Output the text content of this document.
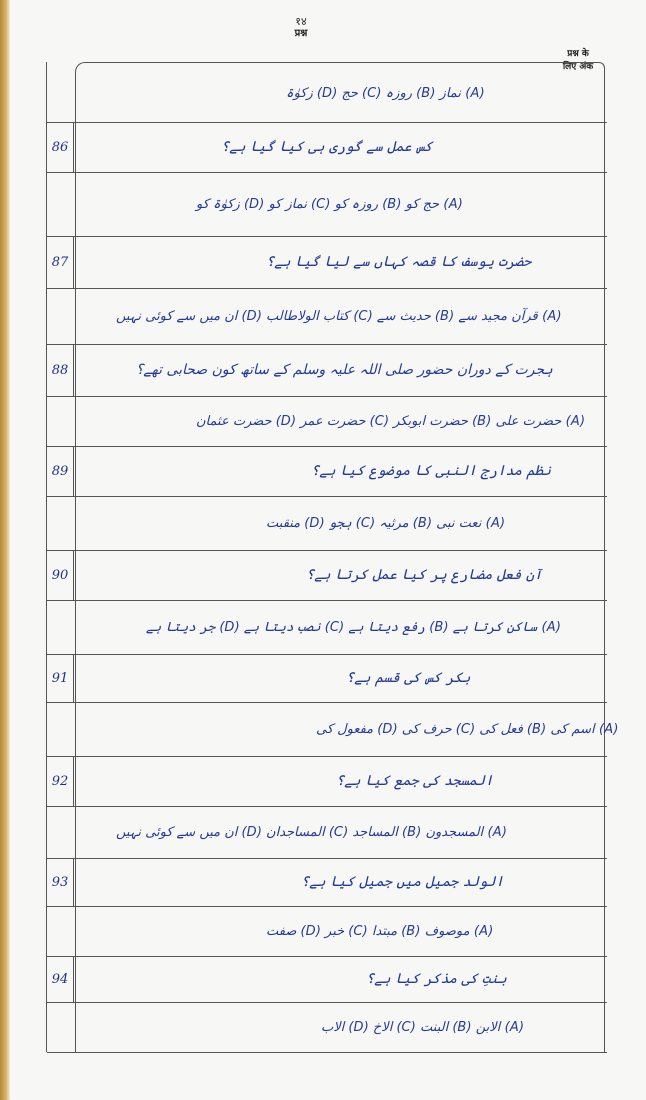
१४
प्रश्न
प्रश्न के
लिए अंक
(A) نماز (B) روزہ (C) حج (D) زکوٰۃ
86	کس عمل سے گوری ہی کیا گیا ہے؟
(A) حج کو (B) روزہ کو (C) نماز کو (D) زکوٰۃ کو
87	حضرت یوسف کا قصہ کہاں سے لیا گیا ہے؟
(A) قرآن مجید سے (B) حدیث سے (C) کتاب الولاطالب (D) ان میں سے کوئی نہیں
88	ہجرت کے دوران حضور صلی اللہ علیہ وسلم کے ساتھ کون صحابی تھے؟
(A) حضرت علی (B) حضرت ابوبکر (C) حضرت عمر (D) حضرت عثمان
89	نظم مدارج النبی کا موضوع کیا ہے؟
(A) نعت نبی (B) مرثیہ (C) ہجو (D) منقبت
90	آن فعل مضارع پر کیا عمل کرتا ہے؟
(A) ساکن کرتا ہے (B) رفع دیتا ہے (C) نصب دیتا ہے (D) جر دیتا ہے
91	بکر کس کی قسم ہے؟
(A) اسم کی (B) فعل کی (C) حرف کی (D) مفعول کی
92	المسجد کی جمع کیا ہے؟
(A) المسجدون (B) المساجد (C) المساجدان (D) ان میں سے کوئی نہیں
93	الولد جمیل میں جمیل کیا ہے؟
(A) موصوف (B) مبتدا (C) خبر (D) صفت
94	بنتِ کی مذکر کیا ہے؟
(A) الابن (B) البنت (C) الاخ (D) الاب
